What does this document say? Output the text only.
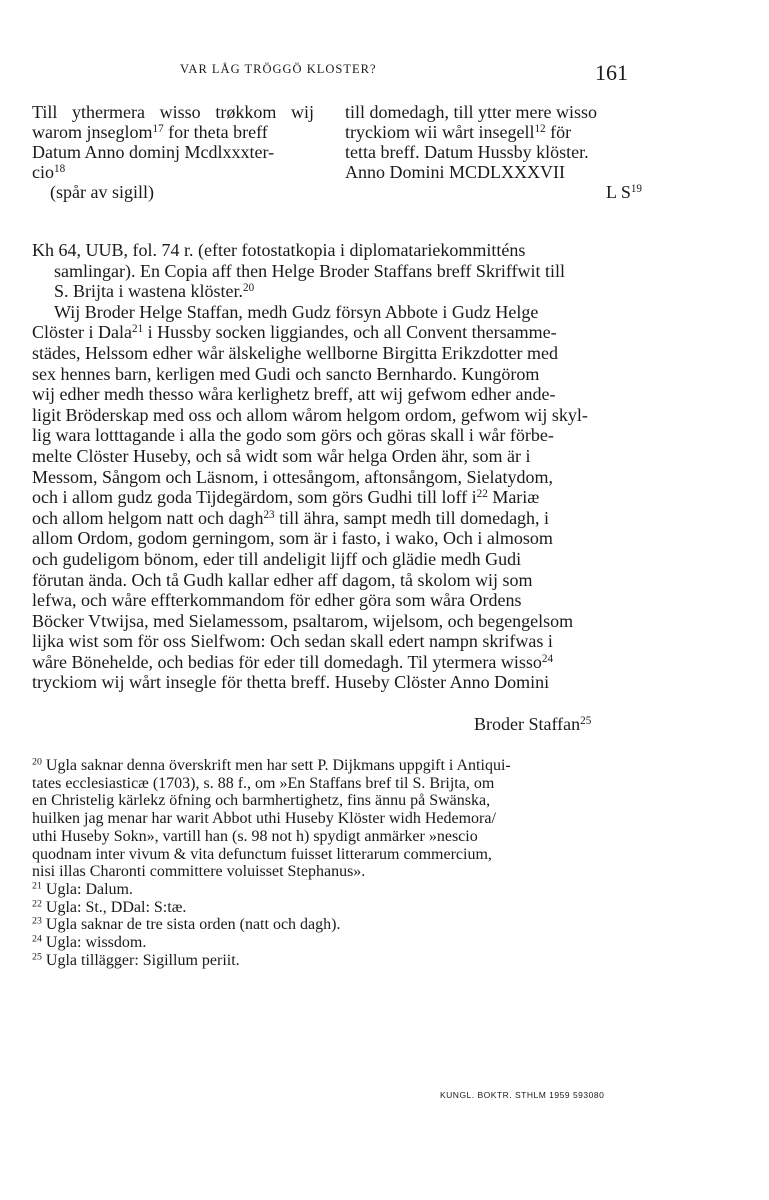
VAR LÅG TRÖGGÖ KLOSTER?	161
Till ythermera wisso trøkkom wij
warom jnseglom$^{17}$ for theta breff
Datum Anno dominj Mcdlxxxter-
cio$^{18}$
(spår av sigill)
till domedagh, till ytter mere wisso
tryckiom wii wårt insegell$^{12}$ för
tetta breff. Datum Hussby klöster.
Anno Domini MCDLXXXVII
L $S^{19}$
Kh 64, UUB, fol. 74 r. (efter fotostatkopia i diplomatariekommitténs
samlingar). En Copia aff then Helge Broder Staffans breff Skriffwit till
S. Brijta i wastena klöster.$^{20}$
Wij Broder Helge Staffan, medh Gudz försyn Abbote i Gudz Helge
Clöster i Dala$^{21}$ i Hussby socken liggiandes, och all Convent thersamme-
städes, Helssom edher wår älskelighe wellborne Birgitta Erikzdotter med
sex hennes barn, kerligen med Gudi och sancto Bernhardo. Kungörom
wij edher medh thesso wåra kerlighetz breff, att wij gefwom edher ande-
ligit Bröderskap med oss och allom wårom helgom ordom, gefwom wij skyl-
lig wara lotttagande i alla the godo som görs och göras skall i wår förbe-
melte Clöster Huseby, och så widt som wår helga Orden ähr, som är i
Messom, Sångom och Läsnom, i ottesångom, aftonsångom, Sielatydom,
och i allom gudz goda Tijdegärdom, som görs Gudhi till loff $i^{22}$ Mariæ
och allom helgom natt och dagh$^{23}$ till ähra, sampt medh till domedagh, i
allom Ordom, godom gerningom, som är i fasto, i wako, Och i almosom
och gudeligom bönom, eder till andeligit lijff och glädie medh Gudi
förutan ända. Och tå Gudh kallar edher aff dagom, tå skolom wij som
lefwa, och wåre effterkommandom för edher göra som wåra Ordens
Böcker Vtwijsa, med Sielamessom, psaltarom, wijelsom, och begengelsom
lijka wist som för oss Sielfwom: Och sedan skall edert nampn skrifwas i
wåre Bönehelde, och bedias för eder till domedagh. Til ytermera wisso$^{24}$
tryckiom wij wårt insegle för thetta breff. Huseby Clöster Anno Domini
Broder Staffan$^{25}$
$^{20}$ Ugla saknar denna överskrift men har sett P. Dijkmans uppgift i Antiqui-
tates ecclesiasticæ (1703), s. 88 f., om »En Staffans bref til S. Brijta, om
en Christelig kärlekz öfning och barmhertighetz, fins ännu på Swänska,
huilken jag menar har warit Abbot uthi Huseby Klöster widh Hedemora/
uthi Huseby Sokn», vartill han (s. 98 not h) spydigt anmärker »nescio
quodnam inter vivum & vita defunctum fuisset litterarum commercium,
nisi illas Charonti committere voluisset Stephanus».
$^{21}$ Ugla: Dalum.
$^{22}$ Ugla: St., DDal: S:tæ.
$^{23}$ Ugla saknar de tre sista orden (natt och dagh).
$^{24}$ Ugla: wissdom.
$^{25}$ Ugla tillägger: Sigillum periit.
KUNGL. BOKTR. STHLM 1959 593080
